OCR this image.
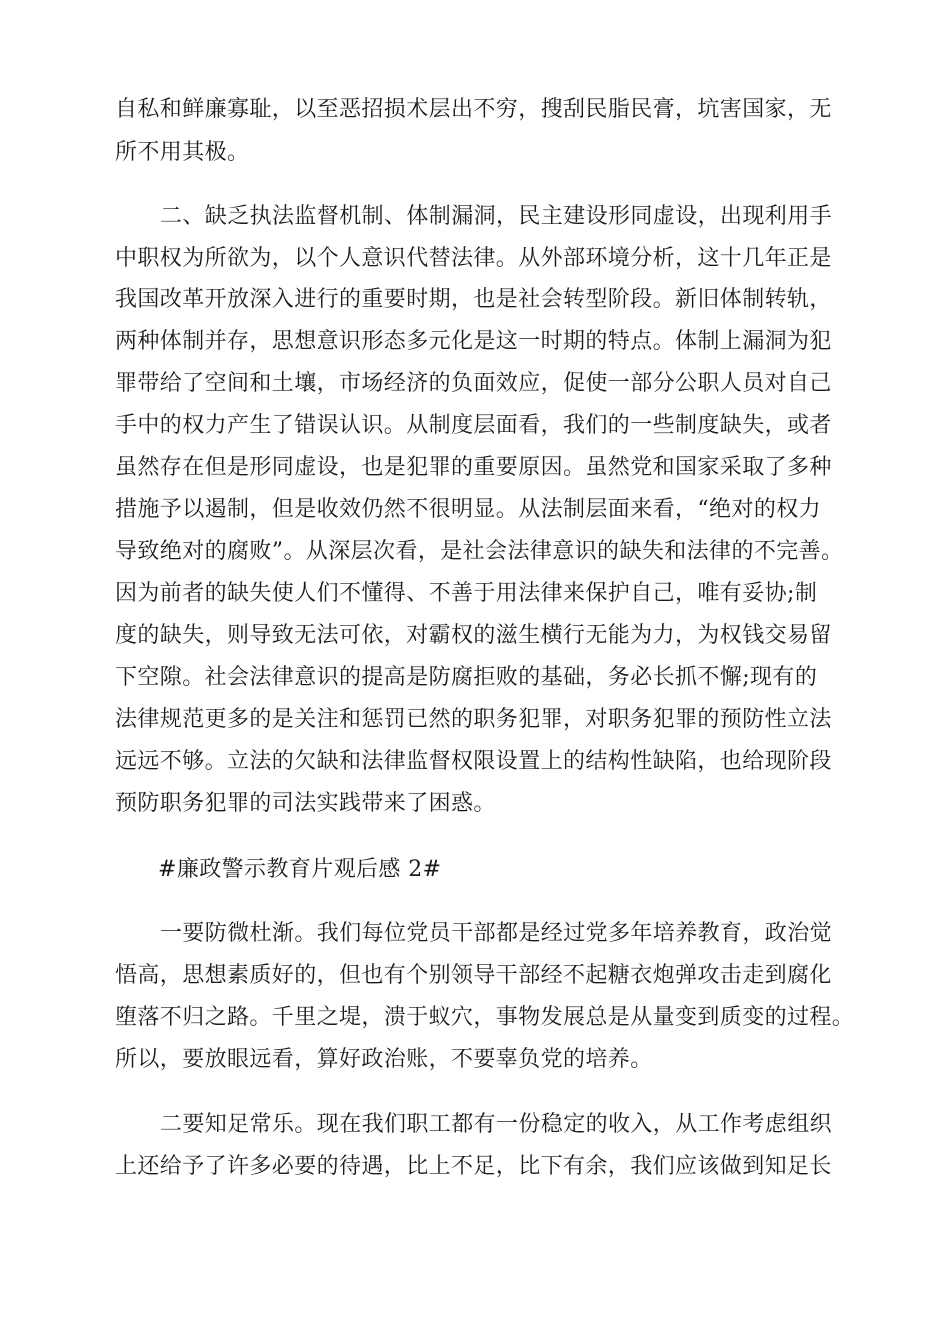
自私和鲜廉寡耻，以至恶招损术层出不穷，搜刮民脂民膏，坑害国家，无

所不用其极。

二、缺乏执法监督机制、体制漏洞，民主建设形同虚设，出现利用手

中职权为所欲为，以个人意识代替法律。从外部环境分析，这十几年正是

我国改革开放深入进行的重要时期，也是社会转型阶段。新旧体制转轨，

两种体制并存，思想意识形态多元化是这一时期的特点。体制上漏洞为犯

罪带给了空间和土壤，市场经济的负面效应，促使一部分公职人员对自己

手中的权力产生了错误认识。从制度层面看，我们的一些制度缺失，或者

虽然存在但是形同虚设，也是犯罪的重要原因。虽然党和国家采取了多种

措施予以遏制，但是收效仍然不很明显。从法制层面来看，“绝对的权力

导致绝对的腐败”。从深层次看，是社会法律意识的缺失和法律的不完善。

因为前者的缺失使人们不懂得、不善于用法律来保护自己，唯有妥协;制

度的缺失，则导致无法可依，对霸权的滋生横行无能为力，为权钱交易留

下空隙。社会法律意识的提高是防腐拒败的基础，务必长抓不懈;现有的

法律规范更多的是关注和惩罚已然的职务犯罪，对职务犯罪的预防性立法

远远不够。立法的欠缺和法律监督权限设置上的结构性缺陷，也给现阶段

预防职务犯罪的司法实践带来了困惑。

#廉政警示教育片观后感 2#

一要防微杜渐。我们每位党员干部都是经过党多年培养教育，政治觉

悟高，思想素质好的，但也有个别领导干部经不起糖衣炮弹攻击走到腐化

堕落不归之路。千里之堤，溃于蚁穴，事物发展总是从量变到质变的过程。

所以，要放眼远看，算好政治账，不要辜负党的培养。

二要知足常乐。现在我们职工都有一份稳定的收入，从工作考虑组织

上还给予了许多必要的待遇，比上不足，比下有余，我们应该做到知足长
